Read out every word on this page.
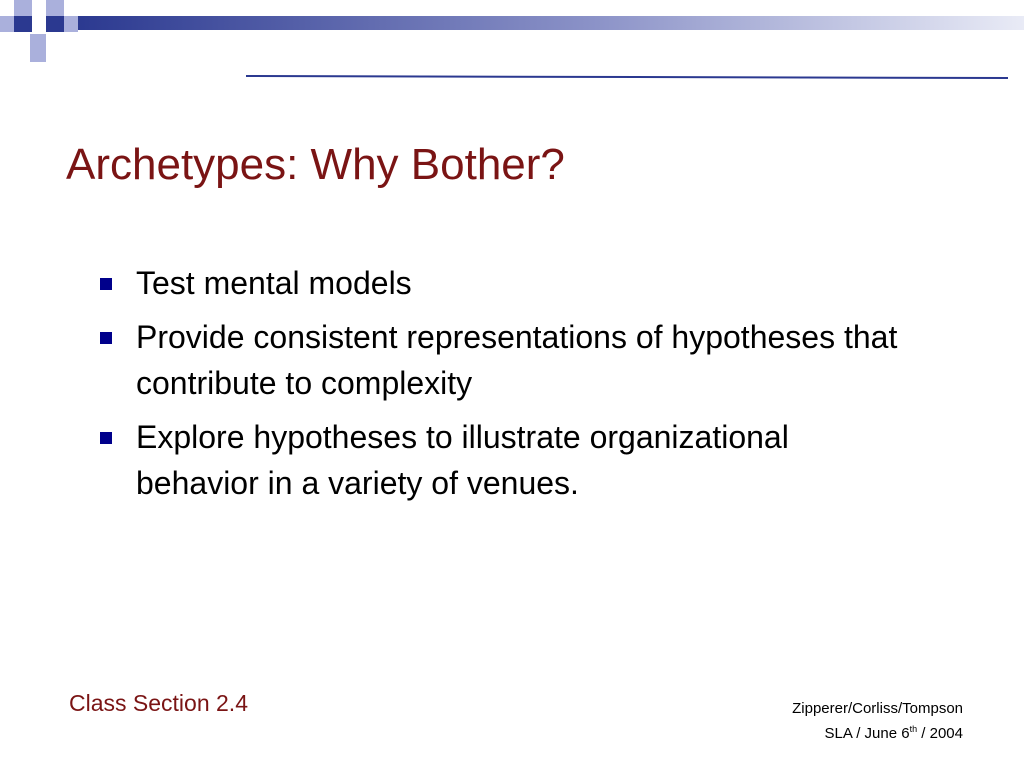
Archetypes: Why Bother?
Test mental models
Provide consistent representations of hypotheses that contribute to complexity
Explore hypotheses to illustrate organizational behavior in a variety of venues.
Class Section 2.4	Zipperer/Corliss/Tompson
SLA / June 6th / 2004
